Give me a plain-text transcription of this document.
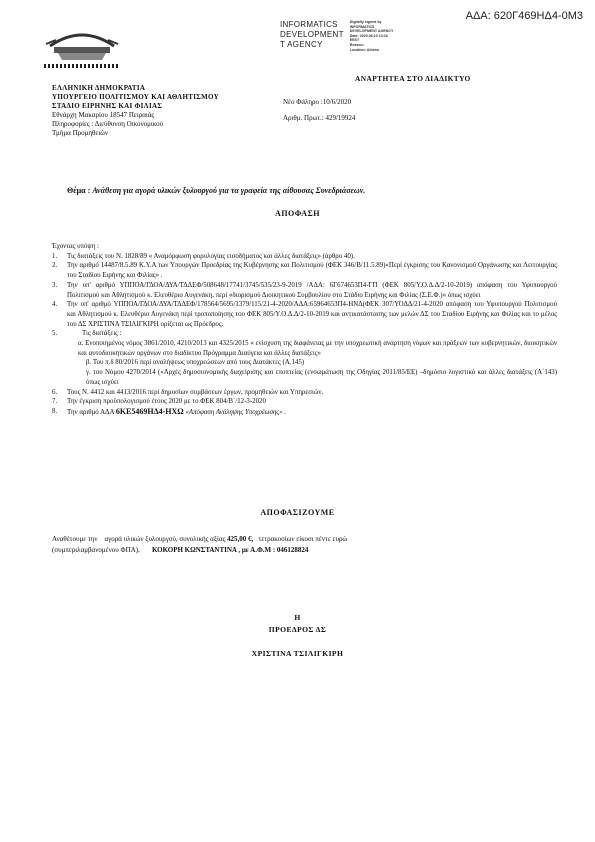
ΑΔΑ: 620Γ469ΗΔ4-0Μ3
INFORMATICS
DEVELOPMENT
T AGENCY
Digitally signed by
INFORMATICS
DEVELOPMENT AGENCY
Date: 2020.06.10 13:16
EEST
Reason:
Location: Athens
ΑΝΑΡΤΗΤΕΑ ΣΤΟ ΔΙΑΔΙΚΤΥΟ
ΕΛΛΗΝΙΚΗ ΔΗΜΟΚΡΑΤΙΑ
ΥΠΟΥΡΓΕΙΟ ΠΟΛΙΤΙΣΜΟΥ ΚΑΙ ΑΘΛΗΤΙΣΜΟΥ
ΣΤΑΔΙΟ ΕΙΡΗΝΗΣ ΚΑΙ ΦΙΛΙΑΣ
Εθνάρχη Μακαρίου 18547 Πειραιάς
Πληροφορίες : Διεύθυνση Οικονομικού
Τμήμα Προμηθειών
Νέο Φάληρο :10/6/2020
Αριθμ. Πρωτ.: 429/19924
Θέμα : Ανάθεση για αγορά υλικών ξυλουργού για τα γραφεία της αίθουσας Συνεδριάσεων.
ΑΠΟΦΑΣΗ
Έχοντας υπόψη :
1.	Τις διατάξεις του Ν. 1828/89 « Αναμόρφωση φορολογίας εισοδήματος και άλλες διατάξεις» (άρθρο 40).
2.	Την αριθμό 14487/8.5.89 Κ.Υ.Α των Υπουργών Προεδρίας της Κυβέρνησης και Πολιτισμού (ΦΕΚ 346/Β/11.5.89)«Περί έγκρισης του Κανονισμού Οργάνωσης και Λειτουργίας του Σταδίου Ειρήνης και Φιλίας» .
3.	Την υπ' αριθμό ΥΠΠΟΑ/ΓΔΟΑ/ΔΥΑ/ΤΔΔΕΦ/508648/17741/3745/535/23-9-2019 /ΑΔΑ: 6Γ674653Π4-ΓΠ (ΦΕΚ 805/Υ.Ο.Δ.Δ/2-10-2019) απόφαση του Υφυπουργού Πολιτισμού και Αθλητισμού κ. Ελευθέριο Αυγενάκη, περί «διορισμού Διοικητικού Συμβουλίου στο Στάδιο Ειρήνης και Φιλίας (Σ.Ε.Φ.)» όπως ισχύει
4.	Την υπ' αριθμό ΥΠΠΟΑ/ΓΔΟΑ/ΔΥΑ/ΤΔΔΕΦ/178564/5695/1379/115/21-4-2020/ΑΔΑ:65964653Π4-ΗΝΔ(ΦΕΚ 307/ΥΟΔΔ/21-4-2020 απόφαση του Υφυπουργού Πολιτισμού και Αθλητισμού κ. Ελευθέριο Αυγενάκη περί τροποποίησης του ΦΕΚ 805/Υ.Ο.Δ.Δ/2-10-2019 και αντικατάστασης των μελών ΔΣ του Σταδίου Ειρήνης και Φιλίας και το μέλος του ΔΣ ΧΡΙΣΤΙΝΑ ΤΣΙΛΙΓΚΙΡΗ ορίζεται ως Πρόεδρος.
5.	Τις διατάξεις :
α. Ενοποιημένος νόμος 3861/2010, 4210/2013 και 4325/2015 « ενίσχυση της διαφάνειας με την υποχρεωτική ανάρτηση νόμων και πράξεων των κυβερνητικών, διοικητικών και αυτοδιοικητικών οργάνων στο διαδίκτυο Πρόγραμμα Διαύγεια και άλλες διατάξεις»
β. Του π.δ 80/2016 περί αναλήψεως υποχρεώσεων από τους Διατάκτες (Α.145)
γ. του Νόμου 4270/2014 («Αρχές δημοσιονομικής διαχείρισης και εποπτείας (ενσωμάτωση της Οδηγίας 2011/85/ΕΕ) –δημόσιο λογιστικό και άλλες διατάξεις (Α΄143) όπως ισχύει
6.	Τους Ν. 4412 και 4413/2016 περί δημοσίων συμβάσεων έργων, προμηθειών και Υπηρεσιών.
7.	Την έγκριση προϋπολογισμού έτους 2020 με το ΦΕΚ 804/Β΄/12-3-2020
8.	Την αριθμό ΑΔΑ 6ΚΕ5469ΗΔ4-ΗΧΩ «Απόφαση Ανάληψης Υποχρέωσης» .
ΑΠΟΦΑΣΙΖΟΥΜΕ
Αναθέτουμε την αγορά υλικών ξυλουργού, συνολικής αξίας 425,00 €, τετρακοσίων είκοσι πέντε ευρώ
(συμπεριλαμβανομένου ΦΠΑ), ΚΟΚΟΡΗ ΚΩΝΣΤΑΝΤΙΝΑ , με Α.Φ.Μ : 046128824
Η
ΠΡΟΕΔΡΟΣ ΔΣ
ΧΡΙΣΤΙΝΑ ΤΣΙΛΙΓΚΙΡΗ
